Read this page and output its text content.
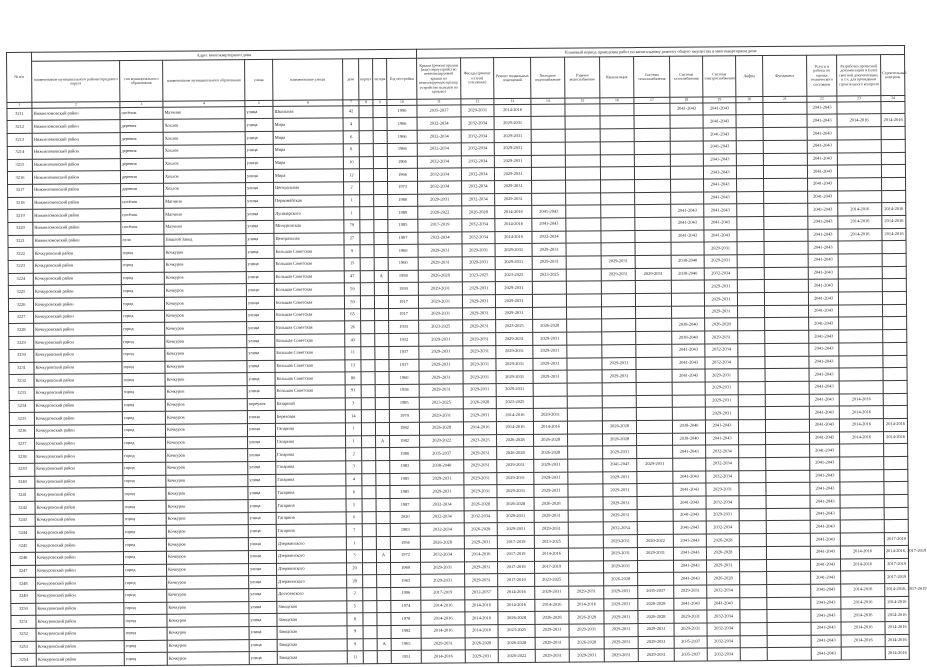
№ п/п	Адрес многоквартирного дома									Плановый период проведения работ по капитальному ремонту общего имущества в многоквартирном доме													
	наименование муниципального района/городского округа	тип муниципального образования	наименование муниципального образования	улица	наименование улицы	дом	корпус	литера	Год постройки	Крыша (ремонт крыши (или) переустройство невентилируемой крыши на вентилируемую крышу, устройство выходов на кровлю)	Фасады (ремонт и (или) утепление)	Ремонт подвальных помещений	Холодное водоснабжение	Горячее водоснабжение	Канализация	Система теплоснабжения	Система газоснабжения	Система электроснабжения	Лифты	Фундамент	Услуги и работы по оценке технического состояния	Разработка проектной документации и (или) сметной документации, в т.ч. для проведения строительного контроля	Строительный контроль
1	2	3	4	5	6	7	8	9	10	11	12	13	14	15	16	17	18	19	20	21	22	23	24
3211	Нижнеломовский район	посёлок	Матчино	улица	Школьная	42			1990	2035-2037	2029-2031	2014-2016					2041-2043	2041-2043			2041-2043		
3212	Нижнеломовский район	деревня	Хохлов	улица	Мира	4			1966	2032-2034	2032-2034	2029-2031						2041-2043			2041-2043	2014-2016	2014-2016
3213	Нижнеломовский район	деревня	Хохлов	улица	Мира	6			1966	2032-2034	2032-2034	2029-2031						2041-2043			2041-2043		
3214	Нижнеломовский район	деревня	Хохлов	улица	Мира	8			1966	2032-2034	2032-2034	2029-2031						2041-2043			2041-2043		
3215	Нижнеломовский район	деревня	Хохлов	улица	Мира	10			1966	2032-2034	2032-2034	2029-2031						2041-2043			2041-2043		
3216	Нижнеломовский район	деревня	Хохлов	улица	Мира	12			1966	2032-2034	2032-2034	2029-2031						2041-2043			2041-2043		
3217	Нижнеломовский район	деревня	Хохлов	улица	Центральная	2			1973	2032-2034	2032-2034	2029-2031						2041-2043			2041-2043		
3218	Нижнеломовский район	посёлок	Матчино	улица	Первомайская	1			1980	2029-2031	2032-2034	2029-2031						2041-2043			2041-2043		
3219	Нижнеломовский район	посёлок	Матчино	улица	Луначарского	1			1989	2020-2022	2026-2028	2014-2016	2041-2043				2041-2043	2041-2043			2041-2043	2014-2016	2014-2016
3220	Нижнеломовский район	посёлок	Матчино	улица	Мичуринская	79			1985	2017-2019	2032-2034	2014-2016	2041-2043				2041-2043	2041-2043			2041-2043	2014-2016	2014-2016
3221	Нижнеломовский район	село	Пяшлой Завод	улица	Центральная	27			1967	2032-2034	2032-2034	2014-2016	2032-2034				2041-2043	2041-2043			2041-2043	2014-2016	2014-2016
3222	Кочкуровский район	город	Кочкуров	улица	Большая Советская	9			1960	2029-2031	2029-2031	2029-2031	2029-2031					2029-2031			2041-2043		
3223	Кочкуровский район	город	Кочкуров	улица	Большая Советская	15			1960	2029-2031	2029-2031	2029-2031	2029-2031		2029-2031		2038-2040	2029-2031			2041-2043		
3224	Кочкуровский район	город	Кочкуров	улица	Большая Советская	47		А	1958	2026-2028	2023-2025	2023-2025	2023-2025		2029-2031	2029-2031	2038-2040	2032-2034			2041-2043		
3225	Кочкуровский район	город	Кочкуров	улица	Большая Советская	59			1930	2029-2031	2029-2031	2029-2031						2029-2031			2041-2043		
3226	Кочкуровский район	город	Кочкуров	улица	Большая Советская	59			1917	2029-2031	2029-2031	2029-2031						2029-2031			2041-2043		
3227	Кочкуровский район	город	Кочкуров	улица	Большая Советская	65			1917	2029-2031	2029-2031	2029-2031						2029-2031			2041-2043		
3228	Кочкуровский район	город	Кочкуров	улица	Большая Советская	26			1933	2023-2025	2029-2031	2023-2025	2026-2028				2038-2040	2026-2028			2041-2043		
3229	Кочкуровский район	город	Кочкуров	улица	Большая Советская	43			1932	2029-2031	2029-2031	2029-2031	2029-2031				2038-2040	2029-2031			2041-2043		
3230	Кочкуровский район	город	Кочкуров	улица	Большая Советская	11			1937	2029-2031	2029-2031	2029-2031	2029-2031				2041-2043	2032-2034			2041-2043		
3231	Кочкуровский район	город	Кочкуров	улица	Большая Советская	13			1937	2029-2031	2029-2031	2029-2031	2029-2031		2029-2031		2041-2043	2032-2034			2041-2043		
3232	Кочкуровский район	город	Кочкуров	улица	Большая Советская	80			1960	2029-2031	2029-2031	2029-2031	2029-2031		2029-2031		2041-2043	2029-2031			2041-2043		
3233	Кочкуровский район	город	Кочкуров	улица	Большая Советская	91			1958	2029-2031	2029-2031	2029-2031						2029-2031			2041-2043		
3234	Кочкуровский район	город	Кочкуров	переулок	Базарный	3			1985	2023-2025	2026-2028	2023-2025						2029-2031			2041-2043	2014-2016	
3235	Кочкуровский район	город	Кочкуров	улица	Березовая	14			1979	2029-2031	2029-2031	2014-2016	2029-2031					2029-2031			2041-2043	2014-2016	
3236	Кочкуровский район	город	Кочкуров	улица	Гагарина	1			1982	2026-2028	2014-2016	2014-2016	2014-2016		2026-2028		2038-2040	2041-2043			2041-2043	2014-2016	2014-2016
3237	Кочкуровский район	город	Кочкуров	улица	Гагарина	1		А	1982	2020-2022	2023-2025	2026-2028	2026-2028		2026-2028		2038-2040	2041-2043			2041-2043	2014-2016	2014-2016
3238	Кочкуровский район	город	Кочкуров	улица	Гагарина	2			1980	2035-2037	2029-2031	2026-2028	2026-2028		2029-2031		2041-2043	2032-2034			2041-2043		
3239	Кочкуровский район	город	Кочкуров	улица	Гагарина	3			1983	2038-2040	2029-2031	2029-2031	2029-2031		2041-2043	2029-2031		2032-2034			2041-2043		
3240	Кочкуровский район	город	Кочкуров	улица	Гагарина	4			1985	2029-2031	2029-2031	2029-2031	2029-2031		2029-2031		2041-2043	2032-2034			2041-2043		
3241	Кочкуровский район	город	Кочкуров	улица	Гагарина	6			1985	2029-2031	2029-2031	2029-2031	2029-2031		2029-2031		2041-2043	2029-2031			2041-2043		
3242	Кочкуровский район	город	Кочкуров	улица	Гагарина	5			1987	2032-2034	2026-2028	2026-2028	2026-2028		2029-2031		2041-2043	2032-2034			2041-2043		
3243	Кочкуровский район	город	Кочкуров	улица	Гагарина	6			2020	2032-2034	2032-2034	2029-2031	2029-2031		2029-2031		2041-2043	2029-2031			2041-2043		
3244	Кочкуровский район	город	Кочкуров	улица	Гагарина	7			1983	2032-2034	2026-2028	2029-2031	2029-2031		2032-2034		2041-2043	2032-2034			2041-2043		
3245	Кочкуровский район	город	Кочкуров	улица	Дзержинского	1			1956	2026-2028	2029-2031	2017-2019	2023-2025		2029-2031	2020-2022	2041-2043	2026-2028			2041-2043		2017-2019
3246	Кочкуровский район	город	Кочкуров	улица	Дзержинского	3		А	1972	2032-2034	2014-2016	2017-2019	2014-2016		2029-2031	2029-2031	2041-2043	2026-2028			2041-2043	2014-2016	2014-2016, 2017-2019
3247	Кочкуровский район	город	Кочкуров	улица	Дзержинского	20			1969	2029-2031	2029-2031	2017-2019	2017-2019		2029-2031		2041-2043	2029-2031			2041-2043	2014-2016	2017-2019
3248	Кочкуровский район	город	Кочкуров	улица	Дзержинского	28			1963	2029-2031	2029-2031	2017-2019	2023-2025		2026-2028		2041-2043	2026-2028			2041-2043		2017-2019
3249	Кочкуровский район	город	Кочкуров	улица	Достоевского	2			1996	2017-2019	2032-2037	2014-2016	2029-2031	2029-2031	2029-2031	2035-2037	2029-2031	2032-2034			2041-2043	2014-2016	2014-2016, 2017-2019
3250	Кочкуровский район	город	Кочкуров	улица	Заводская	5			1974	2014-2016	2014-2016	2014-2016	2014-2016	2014-2016	2029-2031	2026-2028	2041-2043	2041-2043			2041-2043	2014-2016	2014-2016
3251	Кочкуровский район	город	Кочкуров	улица	Заводская	8			1978	2014-2016	2014-2016	2026-2028	2026-2028	2026-2028	2029-2031	2026-2028	2029-2031	2032-2034			2041-2043	2014-2016	2014-2016
3252	Кочкуровский район	город	Кочкуров	улица	Заводская	9			1982	2014-2016	2014-2016	2023-2025	2029-2031	2029-2031	2029-2031	2029-2031	2029-2031	2032-2034			2041-2043	2014-2016	2014-2016
3253	Кочкуровский район	город	Кочкуров	улица	Заводская	9		А	1965	2029-2031	2026-2028	2026-2028	2029-2031	2026-2028	2029-2031	2029-2031	2035-2037	2032-2034			2041-2043	2014-2016	2014-2016
3254	Кочкуровский район	город	Кочкуров	улица	Заводская	11			1951	2014-2016	2029-2031	2020-2022	2029-2031	2029-2031	2029-2031	2029-2031	2035-2037	2032-2034			2041-2043		2014-2016
